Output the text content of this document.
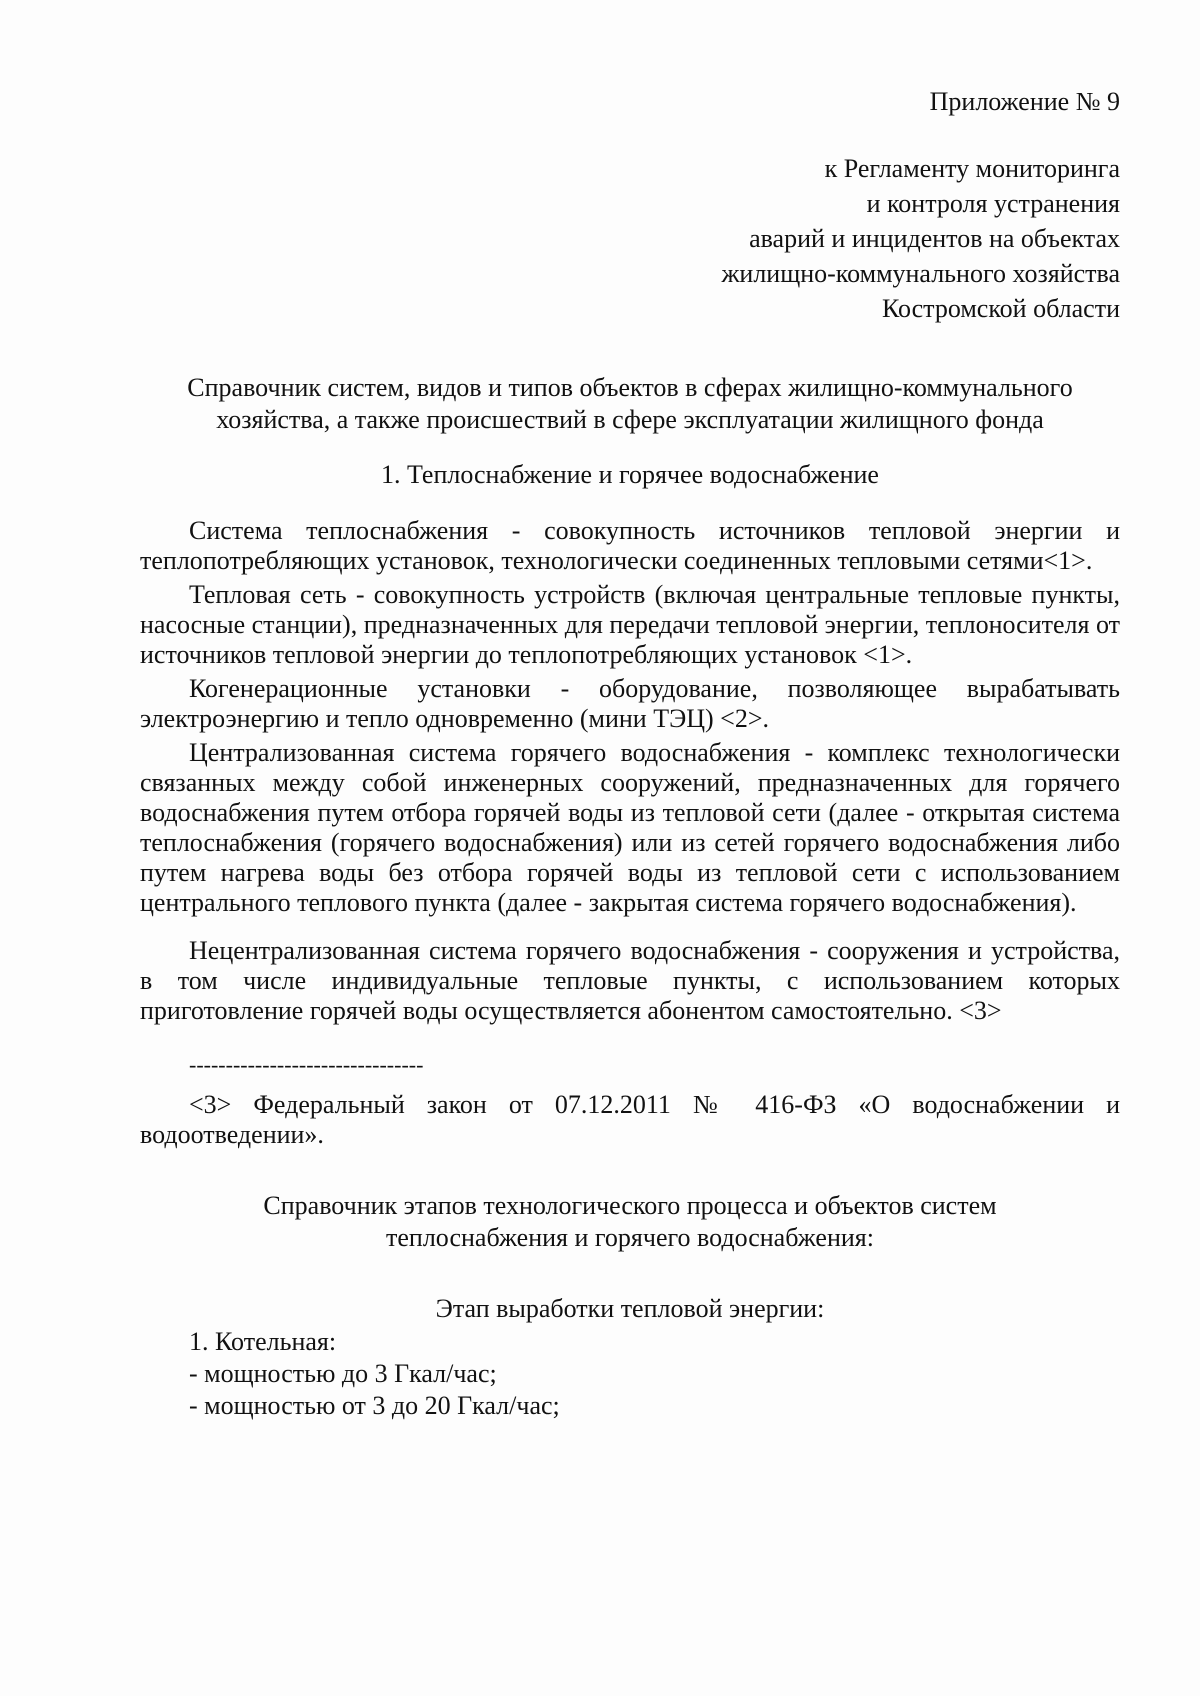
Приложение № 9
к Регламенту мониторинга
и контроля устранения
аварий и инцидентов на объектах
жилищно-коммунального хозяйства
Костромской области
Справочник систем, видов и типов объектов в сферах жилищно-коммунального
хозяйства, а также происшествий в сфере эксплуатации жилищного фонда
1. Теплоснабжение и горячее водоснабжение

Система теплоснабжения - совокупность источников тепловой энергии и теплопотребляющих установок, технологически соединенных тепловыми сетями<1>.

Тепловая сеть - совокупность устройств (включая центральные тепловые пункты, насосные станции), предназначенных для передачи тепловой энергии, теплоносителя от источников тепловой энергии до теплопотребляющих установок <1>.

Когенерационные установки - оборудование, позволяющее вырабатывать электроэнергию и тепло одновременно (мини ТЭЦ) <2>.

Централизованная система горячего водоснабжения - комплекс технологически связанных между собой инженерных сооружений, предназначенных для горячего водоснабжения путем отбора горячей воды из тепловой сети (далее - открытая система теплоснабжения (горячего водоснабжения) или из сетей горячего водоснабжения либо путем нагрева воды без отбора горячей воды из тепловой сети с использованием центрального теплового пункта (далее - закрытая система горячего водоснабжения).

Нецентрализованная система горячего водоснабжения - сооружения и устройства, в том числе индивидуальные тепловые пункты, с использованием которых приготовление горячей воды осуществляется абонентом самостоятельно. <3>

--------------------------------

<3> Федеральный закон от 07.12.2011 № 416-ФЗ «О водоснабжении и водоотведении».

Справочник этапов технологического процесса и объектов систем
теплоснабжения и горячего водоснабжения:
Этап выработки тепловой энергии:
1. Котельная:
- мощностью до 3 Гкал/час;
- мощностью от 3 до 20 Гкал/час;
